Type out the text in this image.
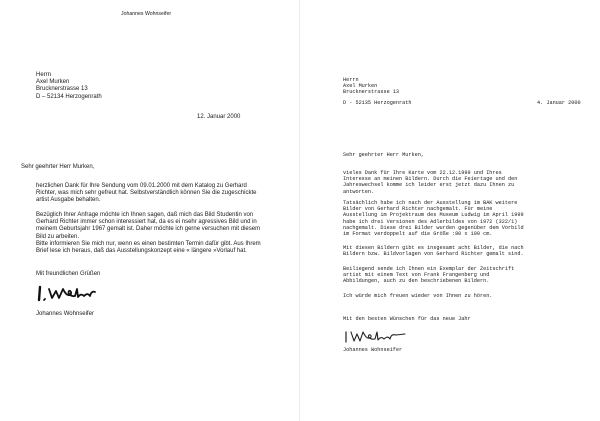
Johannes Wohnseifer
Herrn
Axel Murken
Brucknerstrasse 13
D – 52134 Herzogenrath
12. Januar 2000
Sehr geehrter Herr Murken,
herzlichen Dank für Ihre Sendung vom 09.01.2000 mit dem Katalog zu Gerhard
Richter, was mich sehr gefreut hat. Selbstverständlich können Sie die zugeschickte
artist Ausgabe behalten.
Bezüglich Ihrer Anfrage möchte ich Ihnen sagen, daß mich das Bild Studentin von
Gerhard Richter immer schon interessiert hat, da es ei nsehr agressives Bild und in
meinem Geburtsjahr 1967 gemalt ist. Daher möchte ich gerne versuchen mit diesem
Bild zu arbeiten.
Bitte informieren Sie mich nur, wenn es einen bestimten Termin dafür gibt. Aus Ihrem
Brief lese ich heraus, daß das Ausstellungskonzept eine « längere »Vorlauf hat.
Mit freundlichen Grüßen
Johannes Wohnseifer
Herrn
Axel Murken
Brucknerstrasse 13
D - 52135 Herzogenrath	4. Januar 2000
Sehr geehrter Herr Murken,
vieles Dank für Ihre Karte vom 22.12.1999 und Ihres
Interesse an meinen Bildern. Durch die Feiertage und den
Jahreswechsel komme ich leider erst jetzt dazu Ihnen zu
antworten.
Tatsächlich habe ich nach der Ausstellung im BAK weitere
Bilder von Gerhard Richter nachgemalt. Für meine
Ausstellung im Projektraum des Museum Ludwig im April 1999
habe ich drei Versionen des Adlerbildes von 1972 (322/1)
nachgemalt. Diese drei Bilder wurden gegenüber dem Vorbild
im Format verdoppelt auf die Größe :80 x 100 cm.
Mit diesen Bildern gibt es insgesamt acht Bilder, die nach
Bildern bzw. Bildvorlagen von Gerhard Richter gemalt sind.
Beiliegend sende ich Ihnen ein Exemplar der Zeitschrift
artist mit einem Text von Frank Frangenberg und
Abbildungen, auch zu den beschriebenen Bildern.
Ich würde mich freuen wieder von Ihnen zu hören.
Mit den besten Wünschen für das neue Jahr
Johannes Wohnseifer
